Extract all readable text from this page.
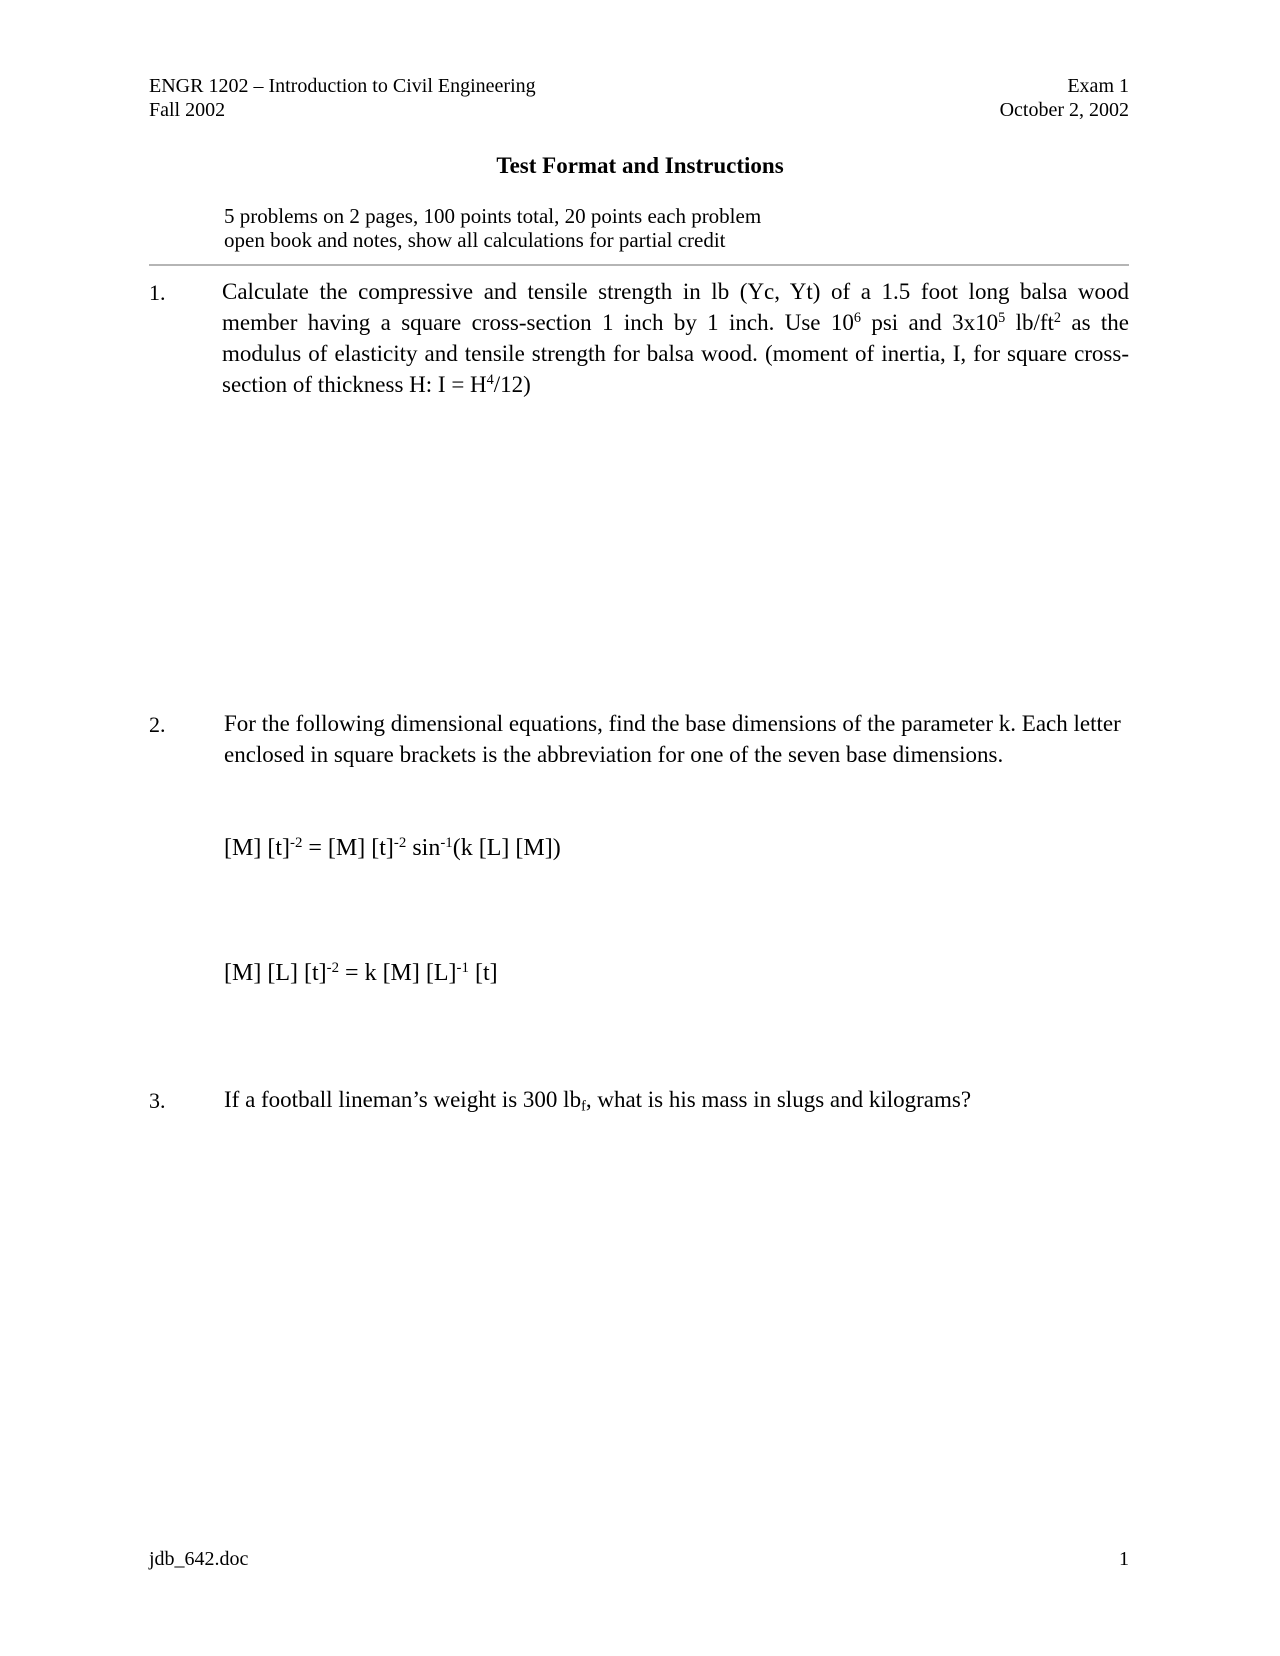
ENGR 1202 – Introduction to Civil Engineering
Fall 2002
Exam 1
October 2, 2002
Test Format and Instructions
5 problems on 2 pages, 100 points total, 20 points each problem
open book and notes, show all calculations for partial credit
1. Calculate the compressive and tensile strength in lb (Yc, Yt) of a 1.5 foot long balsa wood member having a square cross-section 1 inch by 1 inch. Use $10^6$ psi and $3x10^5$ $lb/ft^2$ as the modulus of elasticity and tensile strength for balsa wood. (moment of inertia, I, for square cross-section of thickness H: $I = H^4/12$)
2.	For the following dimensional equations, find the base dimensions of the parameter k. Each letter enclosed in square brackets is the abbreviation for one of the seven base dimensions.
[M] $[t]^{-2} = [M]$ $[t]^{-2}$ $\sin^{-1}(k$ [L] [M])
[M] [L] $[t]^{-2} = k$ [M] $[L]^{-1}$ [t]
3.	If a football lineman’s weight is 300 $lb_f$, what is his mass in slugs and kilograms?
jdb_642.doc	1
